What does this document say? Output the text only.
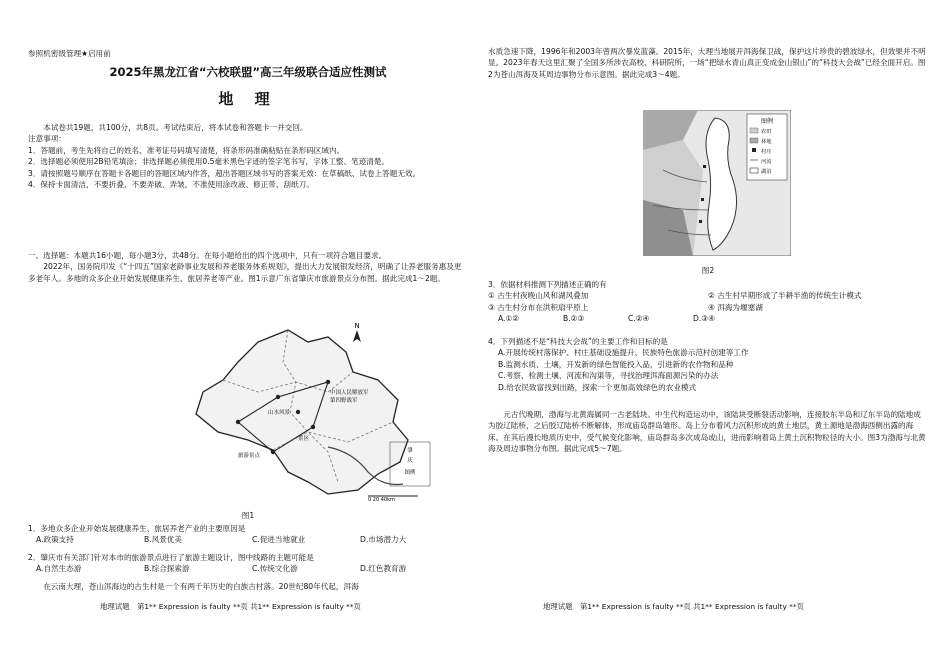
参照机密级管理★启用前

2025年黑龙江省“六校联盟”高三年级联合适应性测试

地 理

本试卷共19题，共100分，共8页。考试结束后，将本试卷和答题卡一并交回。

注意事项：

1．答题前，考生先将自己的姓名、准考证号码填写清楚，将条形码准确粘贴在条形码区域内。

2．选择题必须使用2B铅笔填涂；非选择题必须使用0.5毫米黑色字迹的签字笔书写，字体工整、笔迹清楚。

3．请按照题号顺序在答题卡各题目的答题区域内作答，超出答题区域书写的答案无效：在草稿纸、试卷上答题无效。

4．保持卡面清洁，不要折叠、不要弄破、弄皱，不准使用涂改液、修正带、刮纸刀。

一、选择题：本题共16小题，每小题3分，共48分。在每小题给出的四个选项中，只有一项符合题目要求。

2022年，国务院印发《“十四五”国家老龄事业发展和养老服务体系规划》，提出大力发展银发经济，明确了让养老服务惠及更多老年人。多地的众多企业开始发展健康养生、旅居养老等产业。图1示意广东省肇庆市旅游景点分布图。据此完成1～2题。

N
中国人民解放军
第四野战军
山水风景
景区
旅游景点
肇
庆
图例
0 20 40km

图1

1．多地众多企业开始发展健康养生、旅居养老产业的主要原因是

A.政策支持	B.风景优美	C.促进当地就业	D.市场潜力大

2．肇庆市有关部门针对本市的旅游景点进行了旅游主题设计，图中线路的主题可能是

A.自然生态游	B.综合探索游	C.传统文化游	D.红色教育游

在云南大理，苍山洱海边的古生村是一个有两千年历史的白族古村落。20世纪80年代起，洱海

地理试题　第1** Expression is faulty **页 共1** Expression is faulty **页

水质急速下降，1996年和2003年曾两次暴发蓝藻。2015年，大理当地展开洱海保卫战，保护这片珍贵的碧波绿水，但效果并不明显。2023年春天这里汇聚了全国多所涉农高校、科研院所，一场“把绿水青山真正变成金山银山”的“科技大会战”已经全面开启。图2为苍山洱海及其周边事物分布示意图。据此完成3～4题。

图例
农田
林地
村庄
河流
湖泊

图2

3．依据材料推测下列描述正确的有

① 古生村夜晚山风和湖风叠加	② 古生村早期形成了半耕半渔的传统生计模式
③ 古生村分布在洪积扇平原上	④ 洱海为堰塞湖
A.①②	B.②③	C.②④	D.③④

4．下列描述不是“科技大会战”的主要工作和目标的是

A.开展传统村落保护、村庄基础设施提升、民族特色旅游示范村创建等工作

B.监测水质、土壤，开发新的绿色智能投入品，引进新的农作物和品种

C.考察、检测土壤、河流和沟渠等，寻找治理洱海面源污染的办法

D.给农民致富找到出路，探索一个更加高效绿色的农业模式

元古代晚期，渤海与北黄海属同一古老陆块。中生代构造运动中，该陆块受断裂活动影响，连接胶东半岛和辽东半岛的陆地成为胶辽陆桥，之后胶辽陆桥不断解体，形成庙岛群岛雏形。岛上分布着风力沉积形成的黄土地层，黄土源地是渤海西侧出露的海床。在其后漫长地质历史中，受气候变化影响，庙岛群岛多次成岛或山，进而影响着岛上黄土沉积物粒径的大小。图3为渤海与北黄海及周边事物分布图。据此完成5～7题。

地理试题　第1** Expression is faulty **页 共1** Expression is faulty **页
